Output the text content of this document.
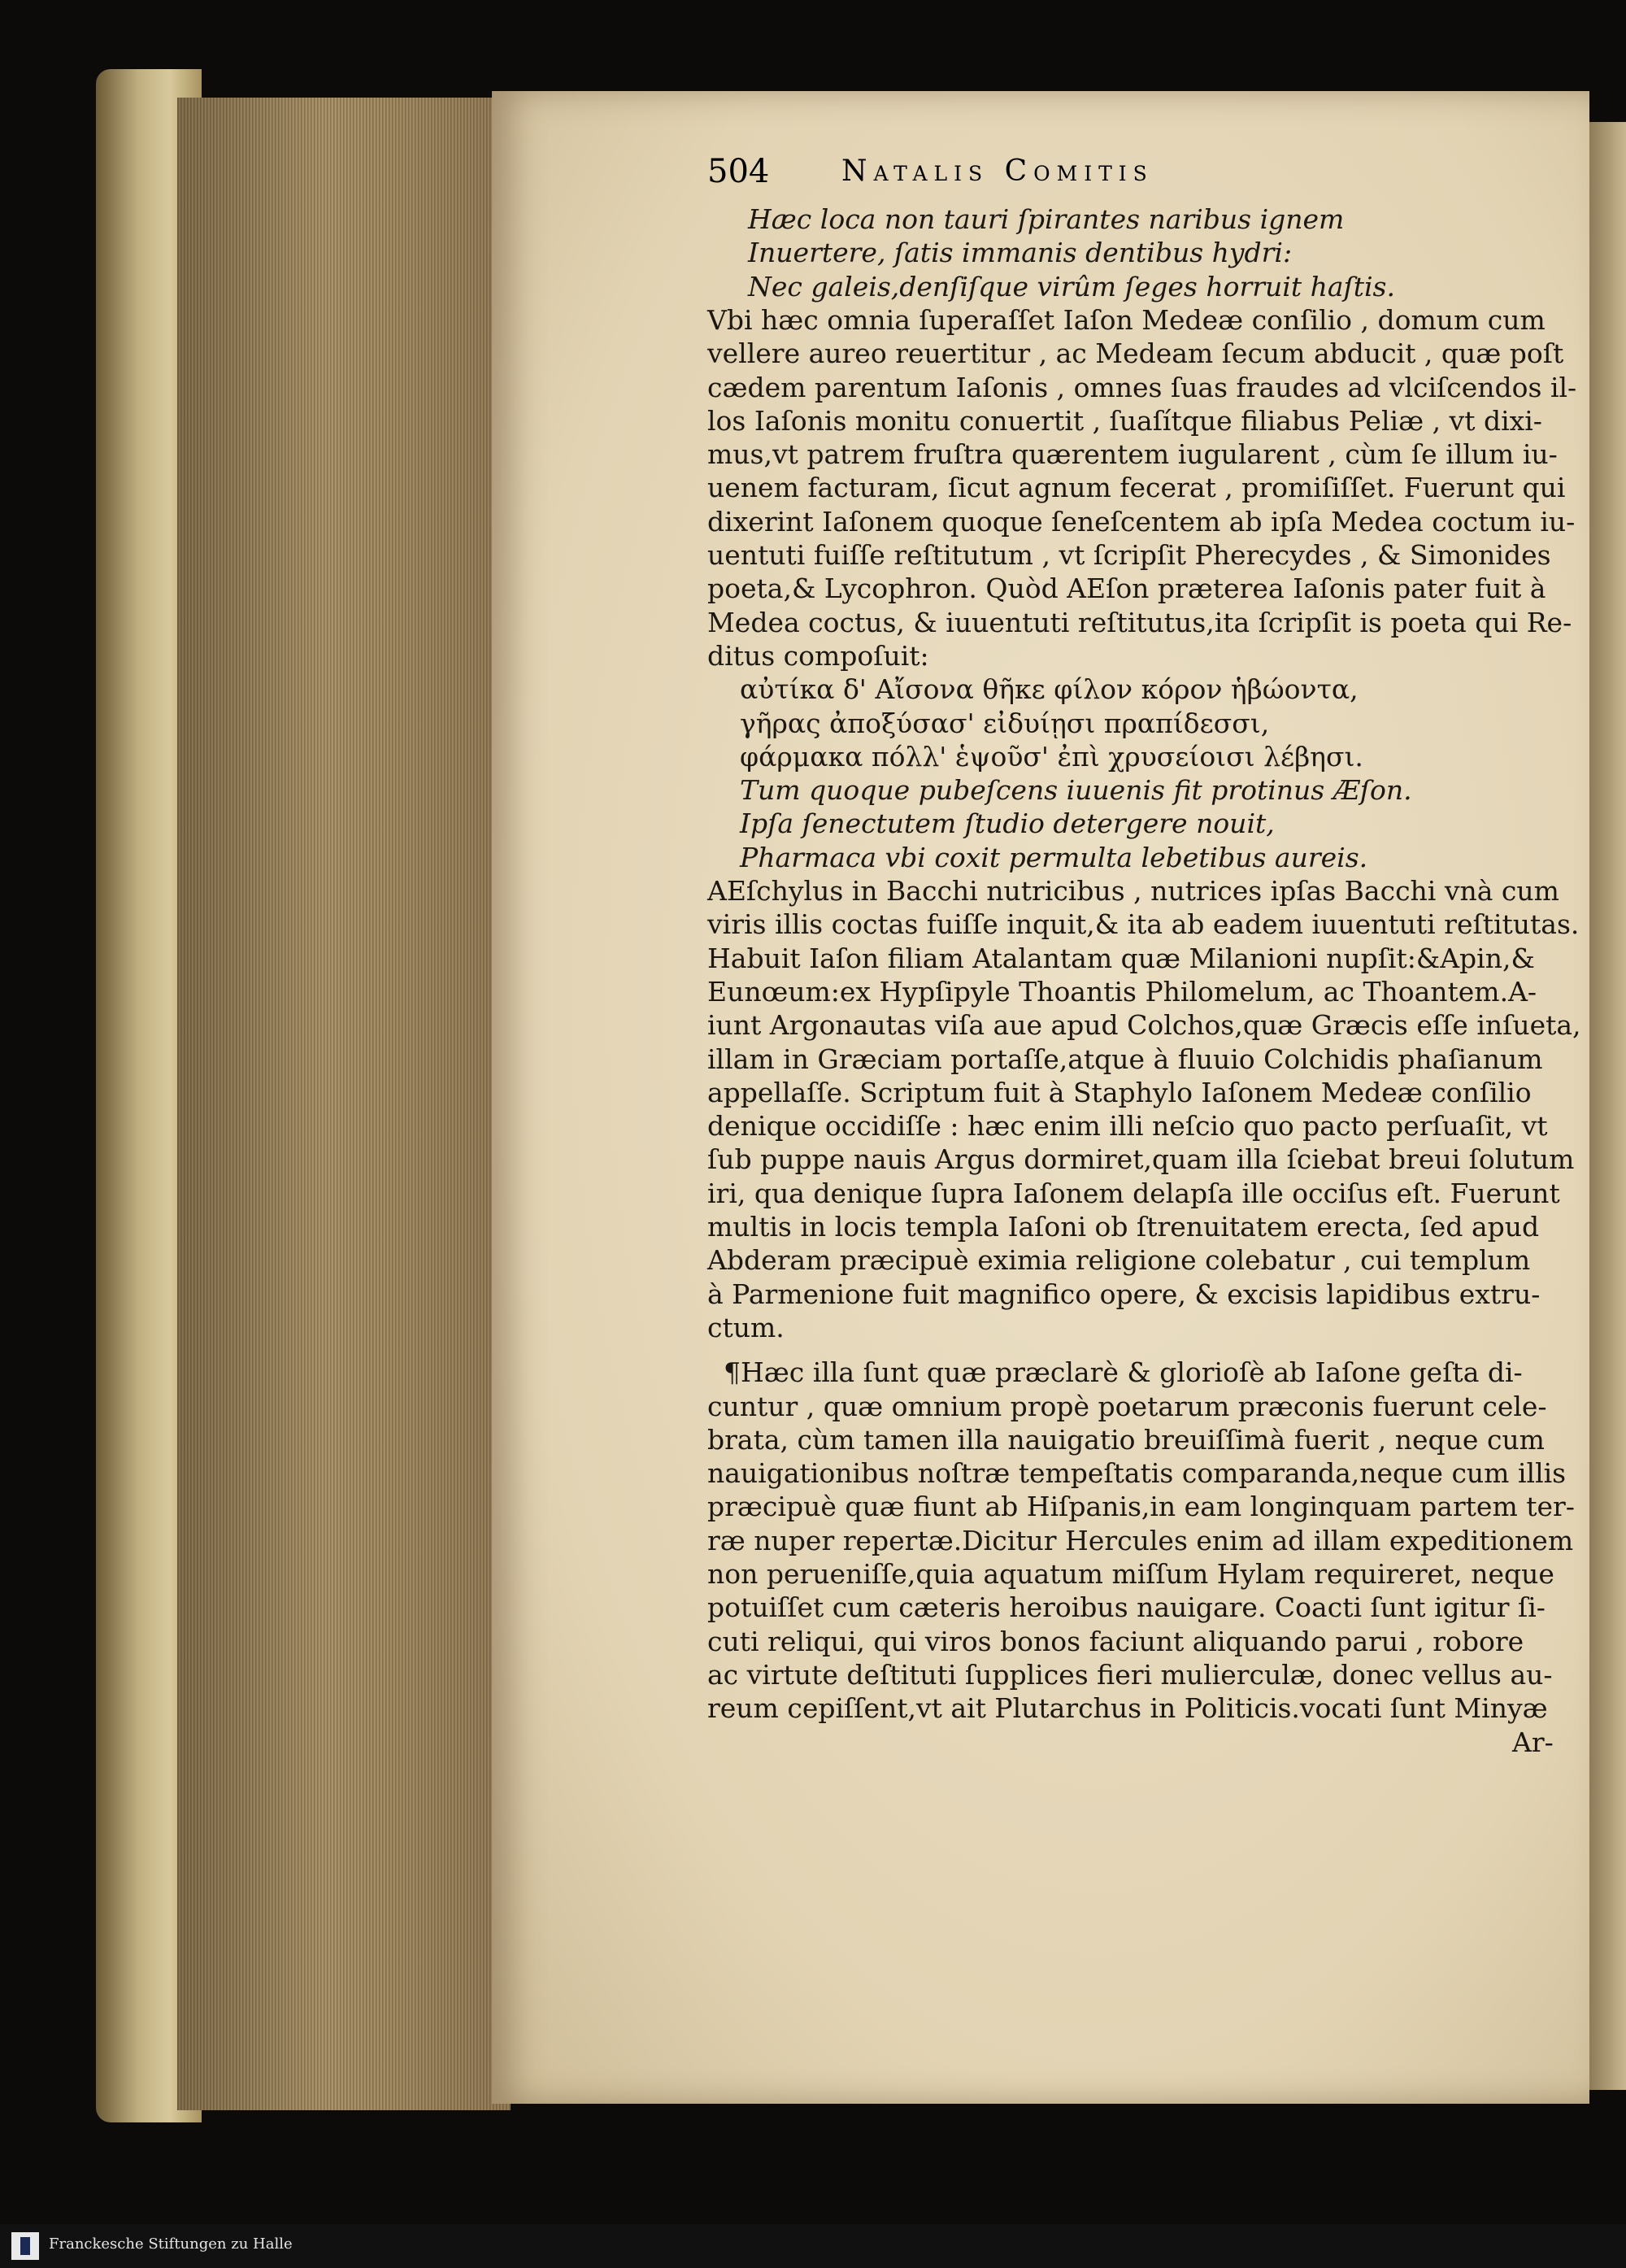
504 Natalis Comitis
Hæc loca non tauri ſpirantes naribus ignem
Inuertere, ſatis immanis dentibus hydri:
Nec galeis,denſiſque virûm ſeges horruit haſtis.
Vbi hæc omnia ſuperaſſet Iaſon Medeæ conſilio , domum cum
vellere aureo reuertitur , ac Medeam ſecum abducit , quæ poſt
cædem parentum Iaſonis , omnes ſuas fraudes ad vlciſcendos il-
los Iaſonis monitu conuertit , ſuaſítque filiabus Peliæ , vt dixi-
mus,vt patrem fruſtra quærentem iugularent , cùm ſe illum iu-
uenem facturam, ſicut agnum fecerat , promiſiſſet. Fuerunt qui
dixerint Iaſonem quoque ſeneſcentem ab ipſa Medea coctum iu-
uentuti fuiſſe reſtitutum , vt ſcripſit Pherecydes , & Simonides
poeta,& Lycophron. Quòd AEſon præterea Iaſonis pater fuit à
Medea coctus, & iuuentuti reſtitutus,ita ſcripſit is poeta qui Re-
ditus compoſuit:
αὐτίκα δ' Αἴσονα θῆκε φίλον κόρον ἡβώοντα,
γῆρας ἀποξύσασ' εἰδυίῃσι πραπίδεσσι,
φάρμακα πόλλ' ἑψοῦσ' ἐπὶ χρυσείοισι λέβησι.
Tum quoque pubeſcens iuuenis fit protinus Æſon.
Ipſa ſenectutem ſtudio detergere nouit,
Pharmaca vbi coxit permulta lebetibus aureis.
AEſchylus in Bacchi nutricibus , nutrices ipſas Bacchi vnà cum
viris illis coctas fuiſſe inquit,& ita ab eadem iuuentuti reſtitutas.
Habuit Iaſon filiam Atalantam quæ Milanioni nupſit:&Apin,&
Eunœum:ex Hypſipyle Thoantis Philomelum, ac Thoantem.A-
iunt Argonautas viſa aue apud Colchos,quæ Græcis eſſe inſueta,
illam in Græciam portaſſe,atque à fluuio Colchidis phaſianum
appellaſſe. Scriptum fuit à Staphylo Iaſonem Medeæ conſilio
denique occidiſſe : hæc enim illi neſcio quo pacto perſuaſit, vt
ſub puppe nauis Argus dormiret,quam illa ſciebat breui ſolutum
iri, qua denique ſupra Iaſonem delapſa ille occiſus eſt. Fuerunt
multis in locis templa Iaſoni ob ſtrenuitatem erecta, ſed apud
Abderam præcipuè eximia religione colebatur , cui templum
à Parmenione fuit magnifico opere, & excisis lapidibus extru-
ctum.
¶Hæc illa ſunt quæ præclarè & glorioſè ab Iaſone geſta di-
cuntur , quæ omnium propè poetarum præconis fuerunt cele-
brata, cùm tamen illa nauigatio breuiſſimà fuerit , neque cum
nauigationibus noſtræ tempeſtatis comparanda,neque cum illis
præcipuè quæ fiunt ab Hiſpanis,in eam longinquam partem ter-
ræ nuper repertæ.Dicitur Hercules enim ad illam expeditionem
non perueniſſe,quia aquatum miſſum Hylam requireret, neque
potuiſſet cum cæteris heroibus nauigare. Coacti ſunt igitur ſi-
cuti reliqui, qui viros bonos faciunt aliquando parui , robore
ac virtute deſtituti ſupplices fieri mulierculæ, donec vellus au-
reum cepiſſent,vt ait Plutarchus in Politicis.vocati ſunt Minyæ
Ar-
Franckesche Stiftungen zu Halle
